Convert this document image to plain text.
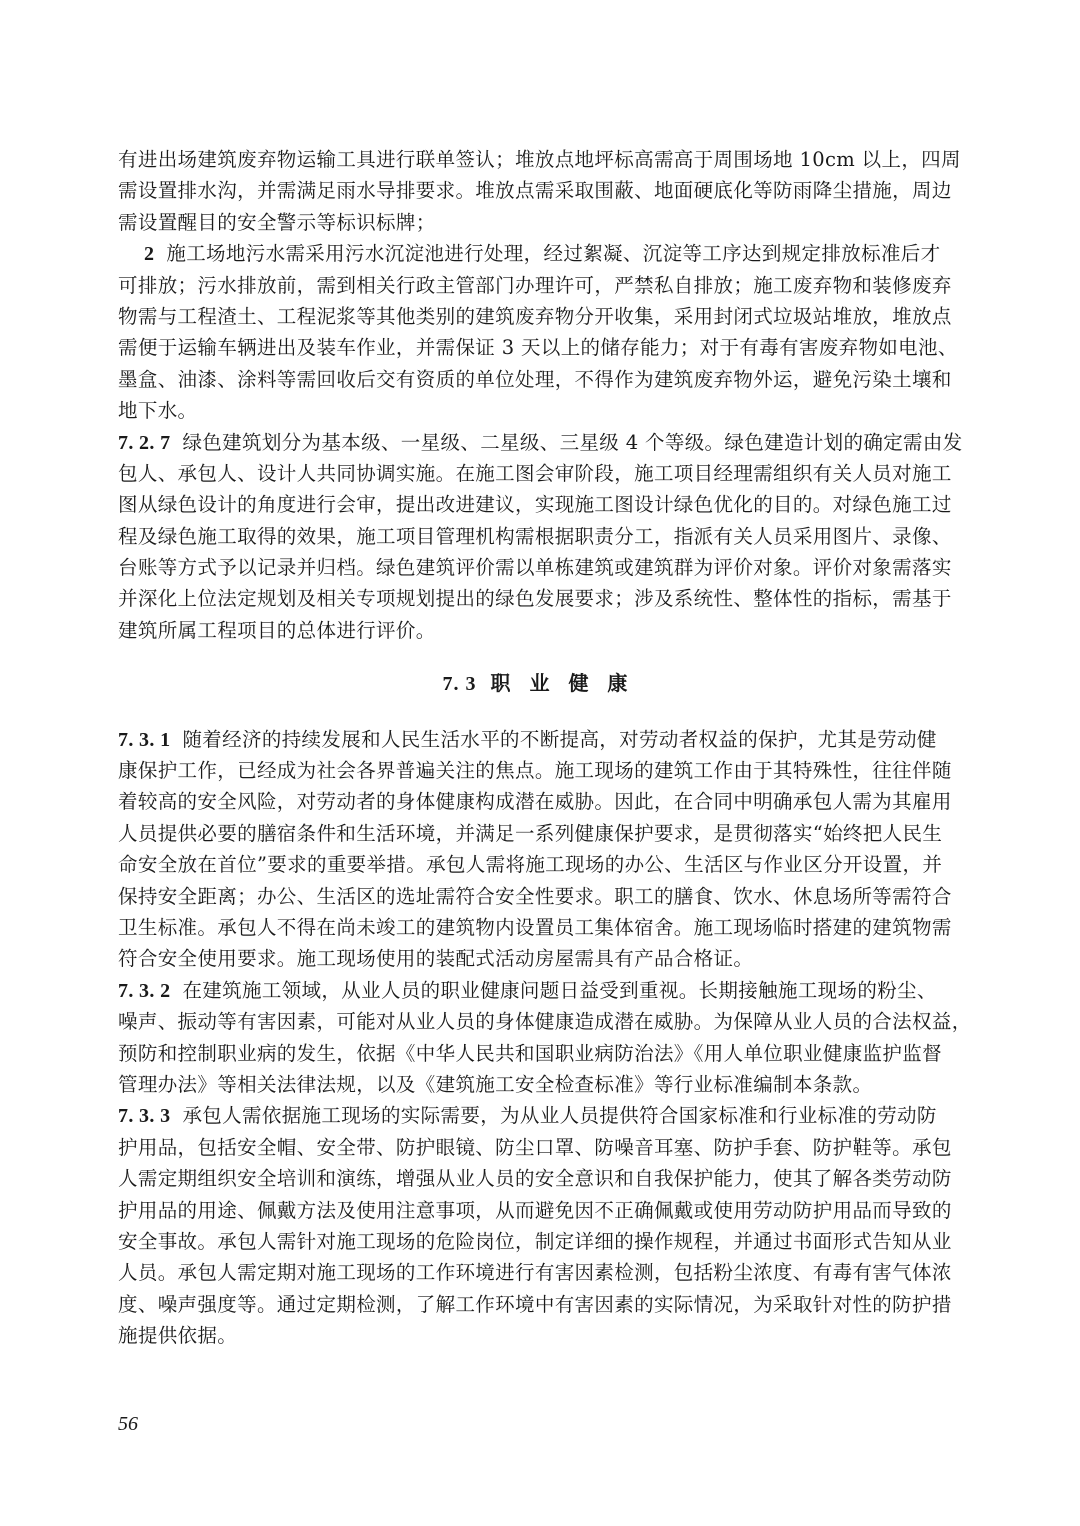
有进出场建筑废弃物运输工具进行联单签认；堆放点地坪标高需高于周围场地 10cm 以上，四周
需设置排水沟，并需满足雨水导排要求。堆放点需采取围蔽、地面硬底化等防雨降尘措施，周边
需设置醒目的安全警示等标识标牌；
2 施工场地污水需采用污水沉淀池进行处理，经过絮凝、沉淀等工序达到规定排放标准后才
可排放；污水排放前，需到相关行政主管部门办理许可，严禁私自排放；施工废弃物和装修废弃
物需与工程渣土、工程泥浆等其他类别的建筑废弃物分开收集，采用封闭式垃圾站堆放，堆放点
需便于运输车辆进出及装车作业，并需保证 3 天以上的储存能力；对于有毒有害废弃物如电池、
墨盒、油漆、涂料等需回收后交有资质的单位处理，不得作为建筑废弃物外运，避免污染土壤和
地下水。
7. 2. 7 绿色建筑划分为基本级、一星级、二星级、三星级 4 个等级。绿色建造计划的确定需由发
包人、承包人、设计人共同协调实施。在施工图会审阶段，施工项目经理需组织有关人员对施工
图从绿色设计的角度进行会审，提出改进建议，实现施工图设计绿色优化的目的。对绿色施工过
程及绿色施工取得的效果，施工项目管理机构需根据职责分工，指派有关人员采用图片、录像、
台账等方式予以记录并归档。绿色建筑评价需以单栋建筑或建筑群为评价对象。评价对象需落实
并深化上位法定规划及相关专项规划提出的绿色发展要求；涉及系统性、整体性的指标，需基于
建筑所属工程项目的总体进行评价。
7. 3 职 业 健 康
7. 3. 1 随着经济的持续发展和人民生活水平的不断提高，对劳动者权益的保护，尤其是劳动健
康保护工作，已经成为社会各界普遍关注的焦点。施工现场的建筑工作由于其特殊性，往往伴随
着较高的安全风险，对劳动者的身体健康构成潜在威胁。因此，在合同中明确承包人需为其雇用
人员提供必要的膳宿条件和生活环境，并满足一系列健康保护要求，是贯彻落实“始终把人民生
命安全放在首位”要求的重要举措。承包人需将施工现场的办公、生活区与作业区分开设置，并
保持安全距离；办公、生活区的选址需符合安全性要求。职工的膳食、饮水、休息场所等需符合
卫生标准。承包人不得在尚未竣工的建筑物内设置员工集体宿舍。施工现场临时搭建的建筑物需
符合安全使用要求。施工现场使用的装配式活动房屋需具有产品合格证。
7. 3. 2 在建筑施工领域，从业人员的职业健康问题日益受到重视。长期接触施工现场的粉尘、
噪声、振动等有害因素，可能对从业人员的身体健康造成潜在威胁。为保障从业人员的合法权益，
预防和控制职业病的发生，依据《中华人民共和国职业病防治法》《用人单位职业健康监护监督
管理办法》等相关法律法规，以及《建筑施工安全检查标准》等行业标准编制本条款。
7. 3. 3 承包人需依据施工现场的实际需要，为从业人员提供符合国家标准和行业标准的劳动防
护用品，包括安全帽、安全带、防护眼镜、防尘口罩、防噪音耳塞、防护手套、防护鞋等。承包
人需定期组织安全培训和演练，增强从业人员的安全意识和自我保护能力，使其了解各类劳动防
护用品的用途、佩戴方法及使用注意事项，从而避免因不正确佩戴或使用劳动防护用品而导致的
安全事故。承包人需针对施工现场的危险岗位，制定详细的操作规程，并通过书面形式告知从业
人员。承包人需定期对施工现场的工作环境进行有害因素检测，包括粉尘浓度、有毒有害气体浓
度、噪声强度等。通过定期检测，了解工作环境中有害因素的实际情况，为采取针对性的防护措
施提供依据。
56
